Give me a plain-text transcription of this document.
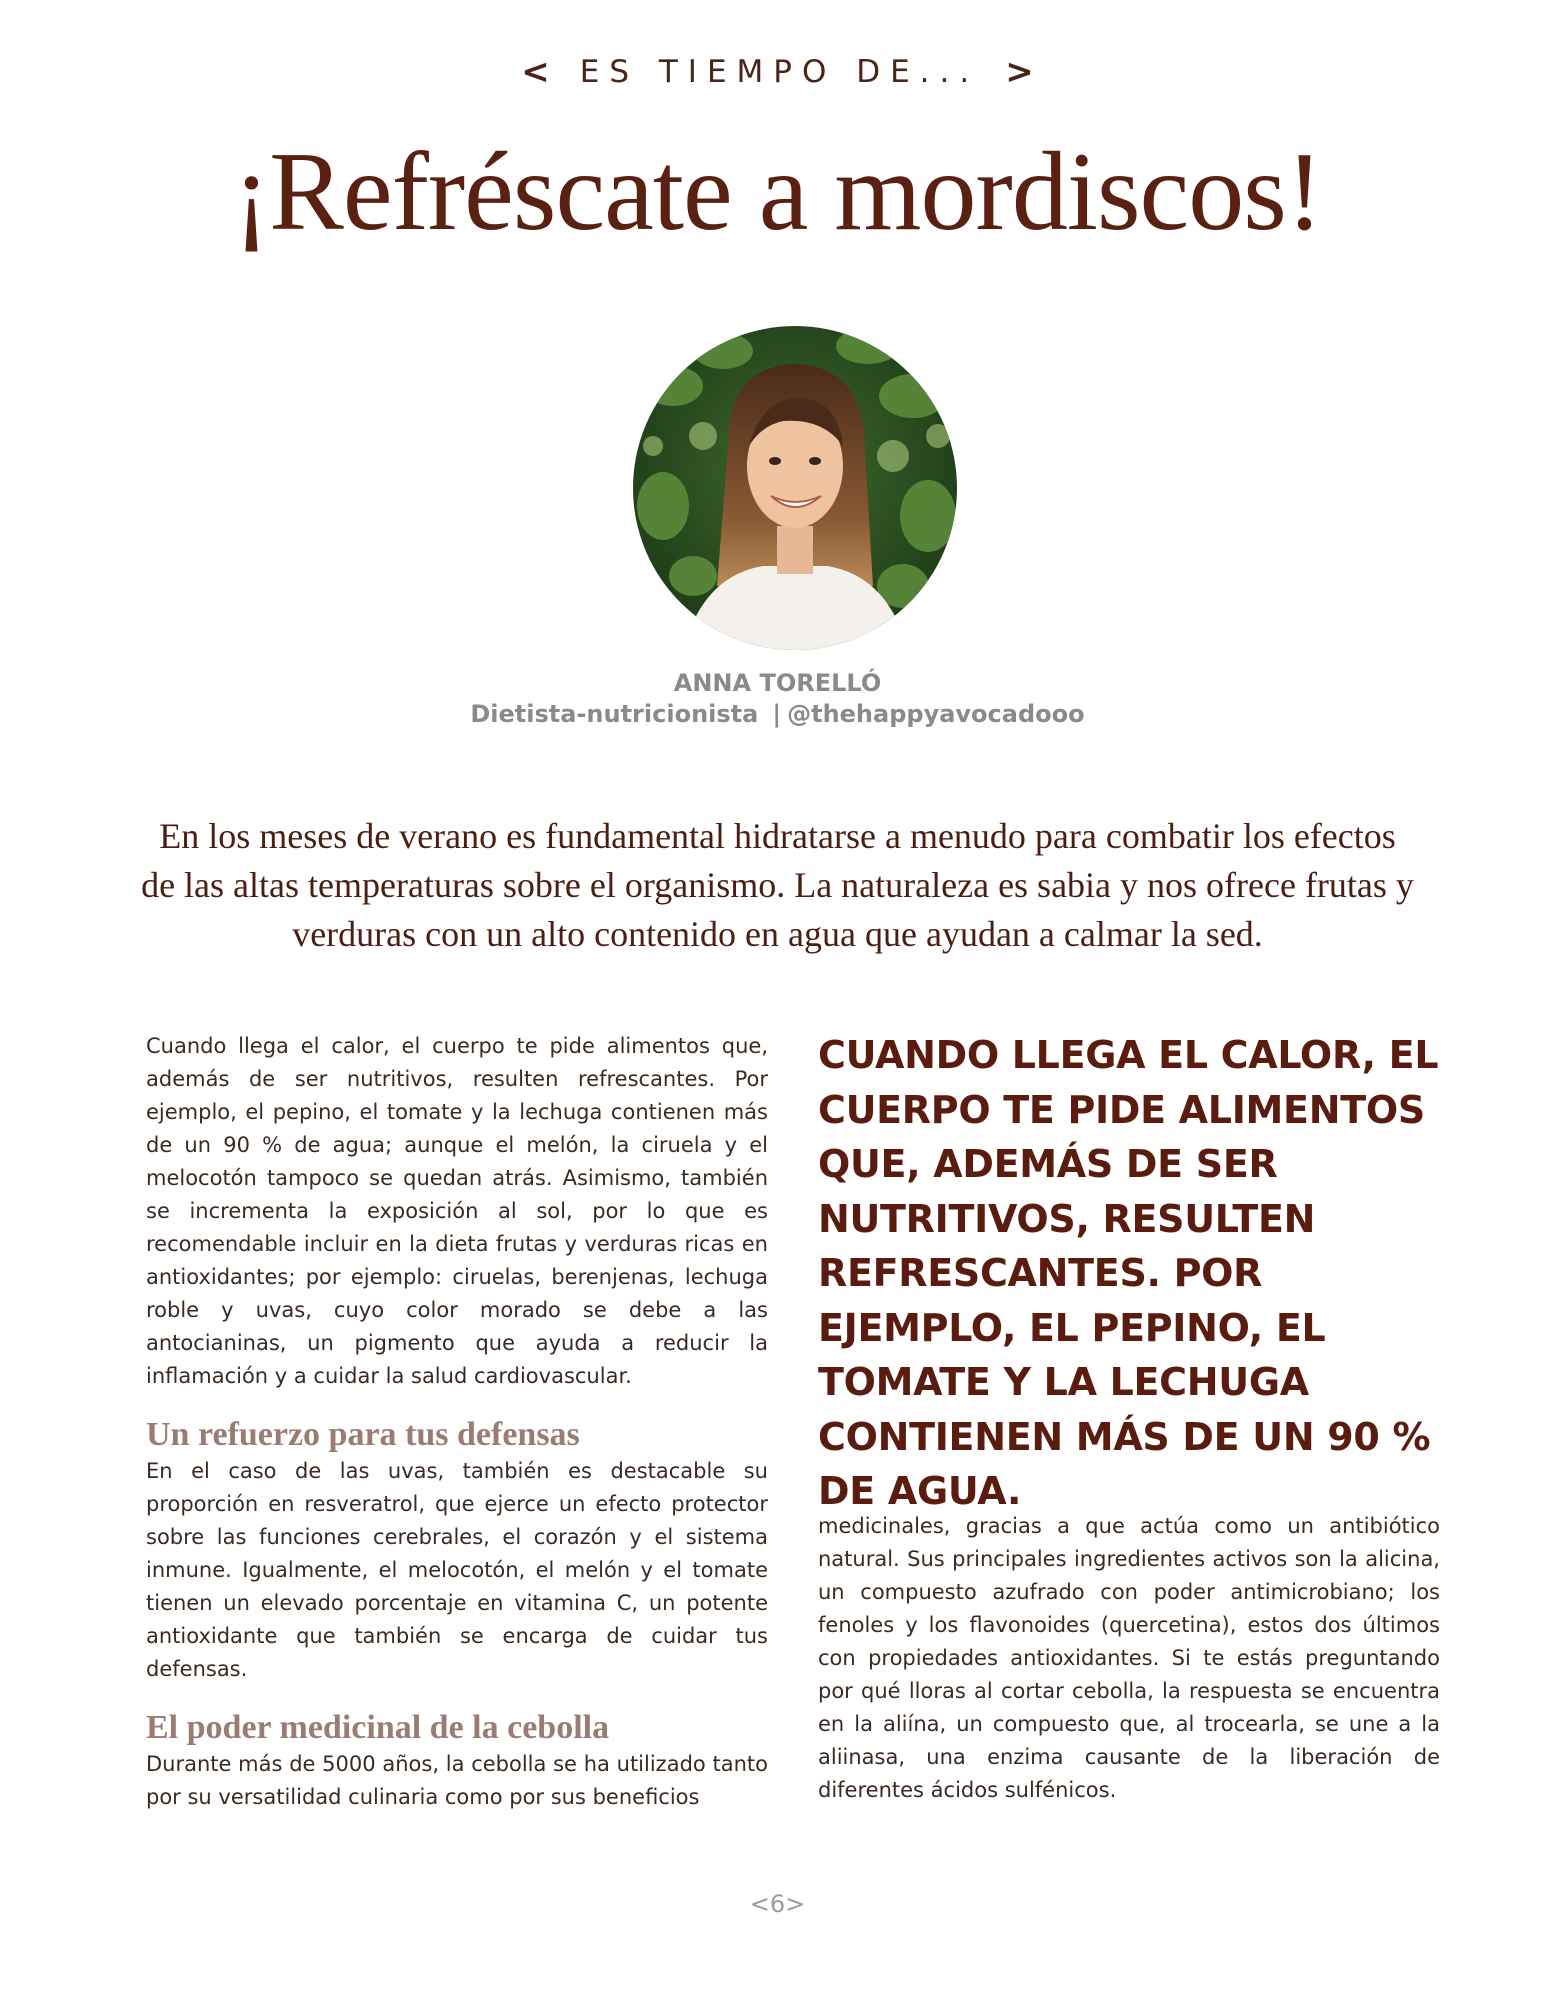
< ES TIEMPO DE... >
¡Refréscate a mordiscos!
ANNA TORELLÓ
Dietista-nutricionista | @thehappyavocadooo

En los meses de verano es fundamental hidratarse a menudo para combatir los efectos de las altas temperaturas sobre el organismo. La naturaleza es sabia y nos ofrece frutas y verduras con un alto contenido en agua que ayudan a calmar la sed.

Cuando llega el calor, el cuerpo te pide alimentos que, además de ser nutritivos, resulten refrescantes. Por ejemplo, el pepino, el tomate y la lechuga contienen más de un 90 % de agua; aunque el melón, la ciruela y el melocotón tampoco se quedan atrás. Asimismo, también se incrementa la exposición al sol, por lo que es recomendable incluir en la dieta frutas y verduras ricas en antioxidantes; por ejemplo: ciruelas, berenjenas, lechuga roble y uvas, cuyo color morado se debe a las antocianinas, un pigmento que ayuda a reducir la inflamación y a cuidar la salud cardiovascular.

Un refuerzo para tus defensas

En el caso de las uvas, también es destacable su proporción en resveratrol, que ejerce un efecto protector sobre las funciones cerebrales, el corazón y el sistema inmune. Igualmente, el melocotón, el melón y el tomate tienen un elevado porcentaje en vitamina C, un potente antioxidante que también se encarga de cuidar tus defensas.

El poder medicinal de la cebolla

Durante más de 5000 años, la cebolla se ha utilizado tanto por su versatilidad culinaria como por sus beneficios

CUANDO LLEGA EL CALOR, EL CUERPO TE PIDE ALIMENTOS QUE, ADEMÁS DE SER NUTRITIVOS, RESULTEN REFRESCANTES. POR EJEMPLO, EL PEPINO, EL TOMATE Y LA LECHUGA CONTIENEN MÁS DE UN 90 % DE AGUA.

medicinales, gracias a que actúa como un antibiótico natural. Sus principales ingredientes activos son la alicina, un compuesto azufrado con poder antimicrobiano; los fenoles y los flavonoides (quercetina), estos dos últimos con propiedades antioxidantes. Si te estás preguntando por qué lloras al cortar cebolla, la respuesta se encuentra en la aliína, un compuesto que, al trocearla, se une a la aliinasa, una enzima causante de la liberación de diferentes ácidos sulfénicos.

<6>
